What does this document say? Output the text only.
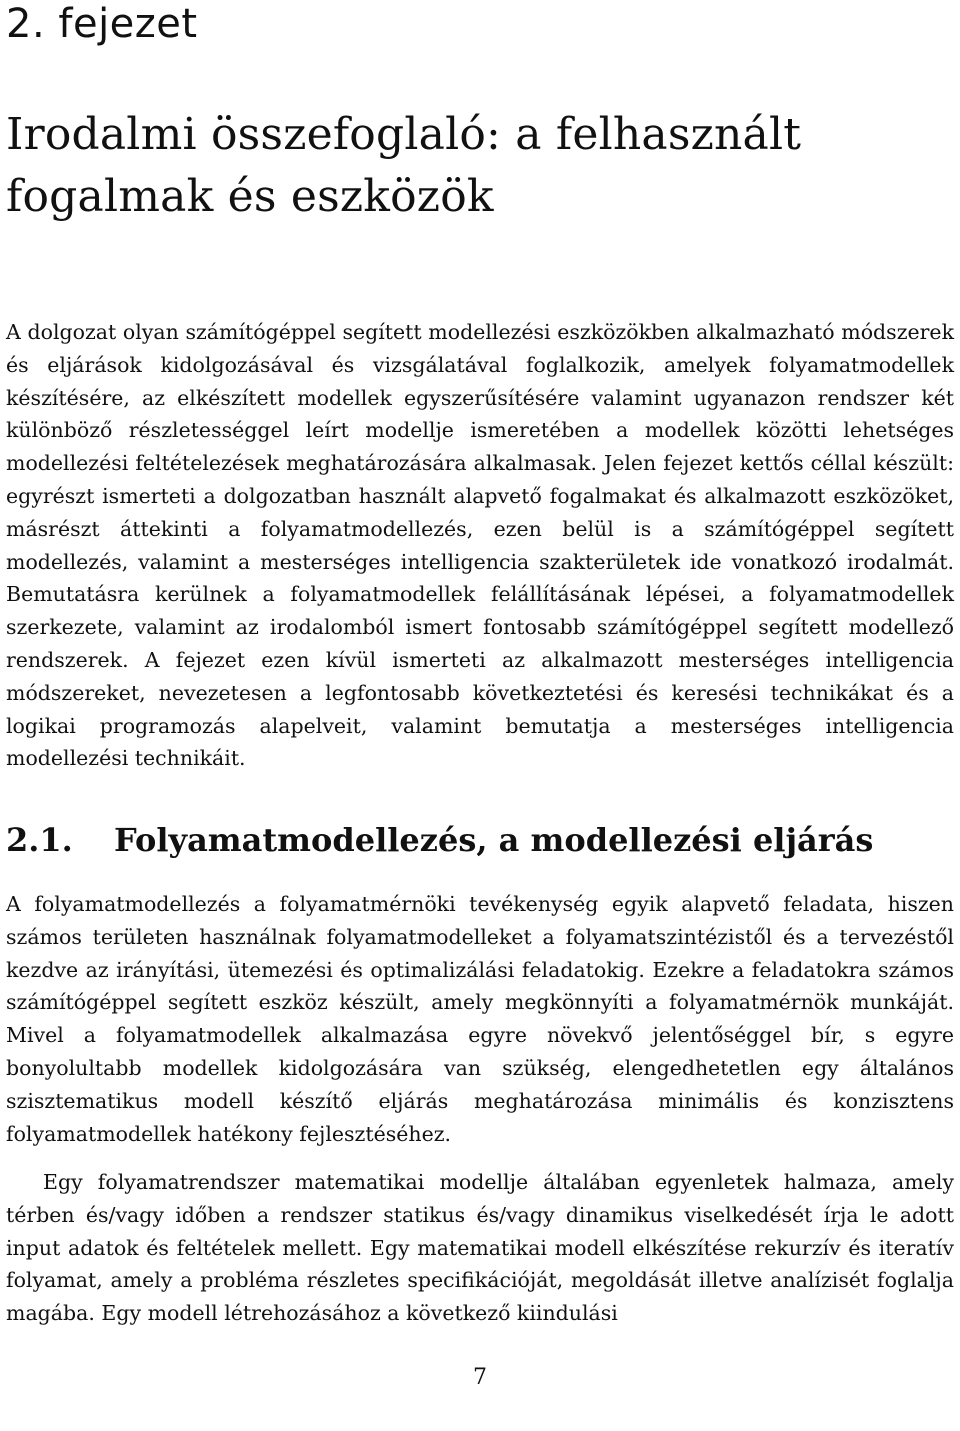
2. fejezet
Irodalmi összefoglaló: a felhasznált
fogalmak és eszközök

A dolgozat olyan számítógéppel segített modellezési eszközökben alkalmazható módszerek és eljárások kidolgozásával és vizsgálatával foglalkozik, amelyek folyamatmodellek készítésére, az elkészített modellek egyszerűsítésére valamint ugyanazon rendszer két különböző részletességgel leírt modellje ismeretében a modellek közötti lehetséges modellezési feltételezések meghatározására alkalmasak. Jelen fejezet kettős céllal készült: egyrészt ismerteti a dolgozatban használt alapvető fogalmakat és alkalmazott eszközöket, másrészt áttekinti a folyamatmodellezés, ezen belül is a számítógéppel segített modellezés, valamint a mesterséges intelligencia szakterületek ide vonatkozó irodalmát. Bemutatásra kerülnek a folyamatmodellek felállításának lépései, a folyamatmodellek szerkezete, valamint az irodalomból ismert fontosabb számítógéppel segített modellező rendszerek. A fejezet ezen kívül ismerteti az alkalmazott mesterséges intelligencia módszereket, nevezetesen a legfontosabb következtetési és keresési technikákat és a logikai programozás alapelveit, valamint bemutatja a mesterséges intelligencia modellezési technikáit.

2.1. Folyamatmodellezés, a modellezési eljárás

A folyamatmodellezés a folyamatmérnöki tevékenység egyik alapvető feladata, hiszen számos területen használnak folyamatmodelleket a folyamatszintézistől és a tervezéstől kezdve az irányítási, ütemezési és optimalizálási feladatokig. Ezekre a feladatokra számos számítógéppel segített eszköz készült, amely megkönnyíti a folyamatmérnök munkáját. Mivel a folyamatmodellek alkalmazása egyre növekvő jelentőséggel bír, s egyre bonyolultabb modellek kidolgozására van szükség, elengedhetetlen egy általános szisztematikus modell készítő eljárás meghatározása minimális és konzisztens folyamatmodellek hatékony fejlesztéséhez.

Egy folyamatrendszer matematikai modellje általában egyenletek halmaza, amely térben és/vagy időben a rendszer statikus és/vagy dinamikus viselkedését írja le adott input adatok és feltételek mellett. Egy matematikai modell elkészítése rekurzív és iteratív folyamat, amely a probléma részletes specifikációját, megoldását illetve analízisét foglalja magába. Egy modell létrehozásához a következő kiindulási

7
